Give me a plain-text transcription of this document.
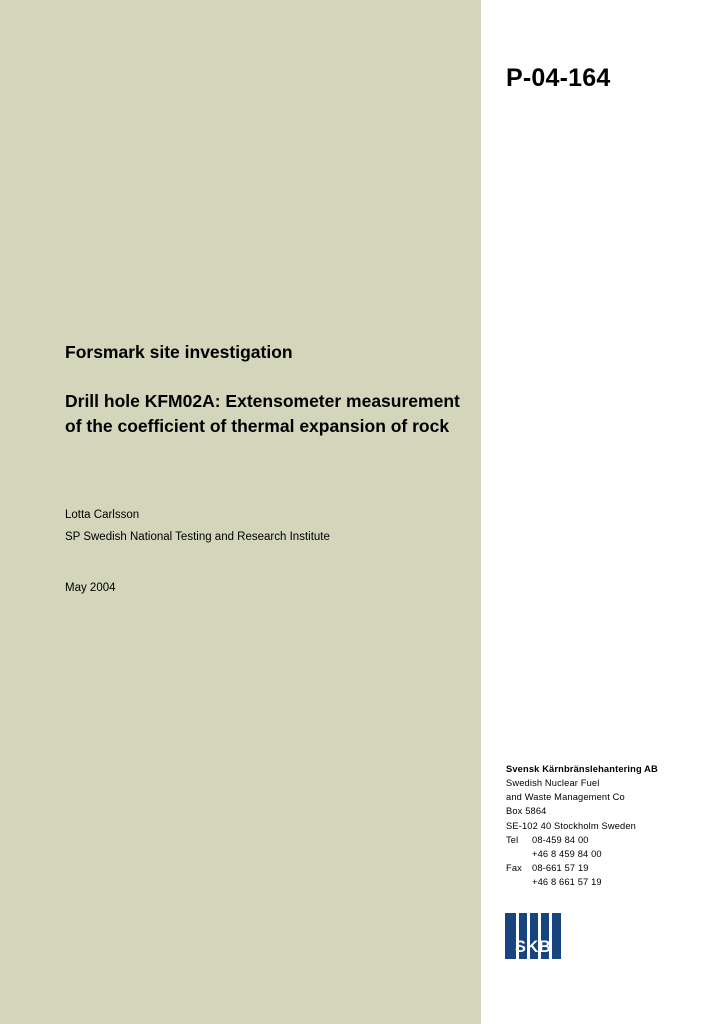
P-04-164
Forsmark site investigation
Drill hole KFM02A: Extensometer measurement of the coefficient of thermal expansion of rock
Lotta Carlsson
SP Swedish National Testing and Research Institute
May 2004
Svensk Kärnbränslehantering AB
Swedish Nuclear Fuel
and Waste Management Co
Box 5864
SE-102 40 Stockholm Sweden
Tel 08-459 84 00
+46 8 459 84 00
Fax 08-661 57 19
+46 8 661 57 19
SKB
